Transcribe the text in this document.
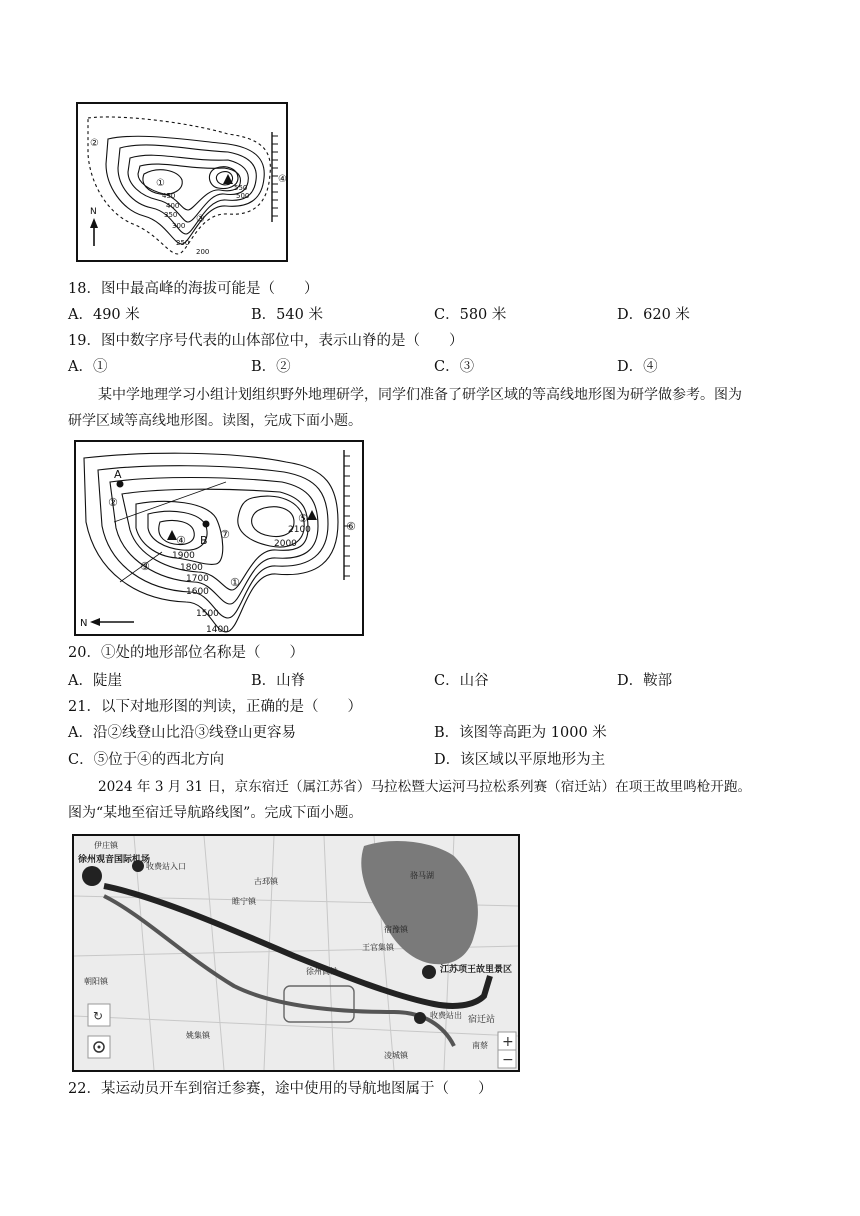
450
400
350
300
250
200
550
500
①
②
③
④
N
18．图中最高峰的海拔可能是（　　）
A．490 米	B．540 米	C．580 米	D．620 米
19．图中数字序号代表的山体部位中，表示山脊的是（　　）
A．①	B．②	C．③	D．④
某中学地理学习小组计划组织野外地理研学，同学们准备了研学区域的等高线地形图为研学做参考。图为
研学区域等高线地形图。读图，完成下面小题。
1900
1800
1700
1600
1500
1400
2100
2000
A
B
①
②
③
④
⑤
⑥
⑦
N
20．①处的地形部位名称是（　　）
A．陡崖	B．山脊	C．山谷	D．鞍部
21．以下对地形图的判读，正确的是（　　）
A．沿②线登山比沿③线登山更容易	B．该图等高距为 1000 米
C．⑤位于④的西北方向	D．该区域以平原地形为主
2024 年 3 月 31 日，京东宿迁（属江苏省）马拉松暨大运河马拉松系列赛（宿迁站）在项王故里鸣枪开跑。
图为“某地至宿迁导航路线图”。完成下面小题。
伊庄镇
徐州观音国际机场
收费站入口
古邳镇
睢宁镇
骆马湖
宿豫镇
王官集镇
朝阳镇
徐州高铁
姚集镇
收费站出 宿迁站
凌城镇
南蔡
江苏项王故里景区
↻
+
−
22．某运动员开车到宿迁参赛，途中使用的导航地图属于（　　）
